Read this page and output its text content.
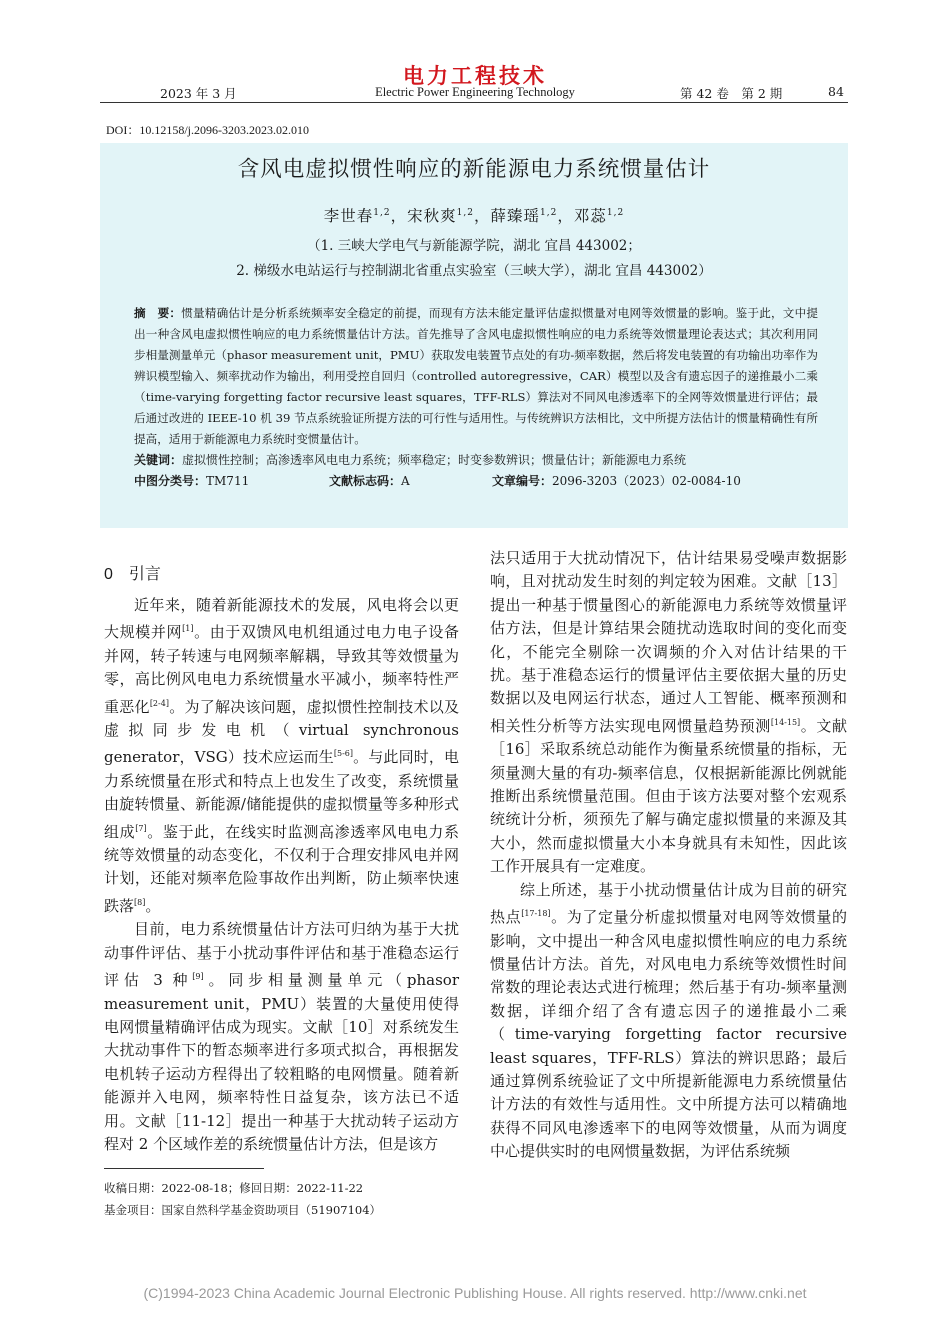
2023 年 3 月
电力工程技术
Electric Power Engineering Technology	第 42 卷　第 2 期	84
DOI：10.12158/j.2096-3203.2023.02.010
含风电虚拟惯性响应的新能源电力系统惯量估计
李世春$^{1,2}$，宋秋爽$^{1,2}$，薛臻瑶$^{1,2}$，邓蕊$^{1,2}$
（1. 三峡大学电气与新能源学院，湖北 宜昌 443002；
2. 梯级水电站运行与控制湖北省重点实验室（三峡大学），湖北 宜昌 443002）
摘　要：惯量精确估计是分析系统频率安全稳定的前提，而现有方法未能定量评估虚拟惯量对电网等效惯量的影响。鉴于此，文中提出一种含风电虚拟惯性响应的电力系统惯量估计方法。首先推导了含风电虚拟惯性响应的电力系统等效惯量理论表达式；其次利用同步相量测量单元（phasor measurement unit，PMU）获取发电装置节点处的有功-频率数据，然后将发电装置的有功输出功率作为辨识模型输入、频率扰动作为输出，利用受控自回归（controlled autoregressive，CAR）模型以及含有遗忘因子的递推最小二乘（time-varying forgetting factor recursive least squares，TFF-RLS）算法对不同风电渗透率下的全网等效惯量进行评估；最后通过改进的 IEEE-10 机 39 节点系统验证所提方法的可行性与适用性。与传统辨识方法相比，文中所提方法估计的惯量精确性有所提高，适用于新能源电力系统时变惯量估计。
关键词：虚拟惯性控制；高渗透率风电电力系统；频率稳定；时变参数辨识；惯量估计；新能源电力系统
中图分类号：TM711	文献标志码：A	文章编号：2096-3203（2023）02-0084-10
0　引言

近年来，随着新能源技术的发展，风电将会以更大规模并网[1]。由于双馈风电机组通过电力电子设备并网，转子转速与电网频率解耦，导致其等效惯量为零，高比例风电电力系统惯量水平减小，频率特性严重恶化[2-4]。为了解决该问题，虚拟惯性控制技术以及虚拟同步发电机（virtual synchronous generator，VSG）技术应运而生[5-6]。与此同时，电力系统惯量在形式和特点上也发生了改变，系统惯量由旋转惯量、新能源/储能提供的虚拟惯量等多种形式组成[7]。鉴于此，在线实时监测高渗透率风电电力系统等效惯量的动态变化，不仅利于合理安排风电并网计划，还能对频率危险事故作出判断，防止频率快速跌落[8]。

目前，电力系统惯量估计方法可归纳为基于大扰动事件评估、基于小扰动事件评估和基于准稳态运行评估 3 种[9]。同步相量测量单元（phasor measurement unit，PMU）装置的大量使用使得电网惯量精确评估成为现实。文献［10］对系统发生大扰动事件下的暂态频率进行多项式拟合，再根据发电机转子运动方程得出了较粗略的电网惯量。随着新能源并入电网，频率特性日益复杂，该方法已不适用。文献［11-12］提出一种基于大扰动转子运动方程对 2 个区域作差的系统惯量估计方法，但是该方

法只适用于大扰动情况下，估计结果易受噪声数据影响，且对扰动发生时刻的判定较为困难。文献［13］提出一种基于惯量图心的新能源电力系统等效惯量评估方法，但是计算结果会随扰动选取时间的变化而变化，不能完全剔除一次调频的介入对估计结果的干扰。基于准稳态运行的惯量评估主要依据大量的历史数据以及电网运行状态，通过人工智能、概率预测和相关性分析等方法实现电网惯量趋势预测[14-15]。文献［16］采取系统总动能作为衡量系统惯量的指标，无须量测大量的有功-频率信息，仅根据新能源比例就能推断出系统惯量范围。但由于该方法要对整个宏观系统统计分析，须预先了解与确定虚拟惯量的来源及其大小，然而虚拟惯量大小本身就具有未知性，因此该工作开展具有一定难度。

综上所述，基于小扰动惯量估计成为目前的研究热点[17-18]。为了定量分析虚拟惯量对电网等效惯量的影响，文中提出一种含风电虚拟惯性响应的电力系统惯量估计方法。首先，对风电电力系统等效惯性时间常数的理论表达式进行梳理；然后基于有功-频率量测数据，详细介绍了含有遗忘因子的递推最小二乘（time-varying forgetting factor recursive least squares，TFF-RLS）算法的辨识思路；最后通过算例系统验证了文中所提新能源电力系统惯量估计方法的有效性与适用性。文中所提方法可以精确地获得不同风电渗透率下的电网等效惯量，从而为调度中心提供实时的电网惯量数据，为评估系统频

收稿日期：2022-08-18；修回日期：2022-11-22
基金项目：国家自然科学基金资助项目（51907104）
(C)1994-2023 China Academic Journal Electronic Publishing House. All rights reserved. http://www.cnki.net
